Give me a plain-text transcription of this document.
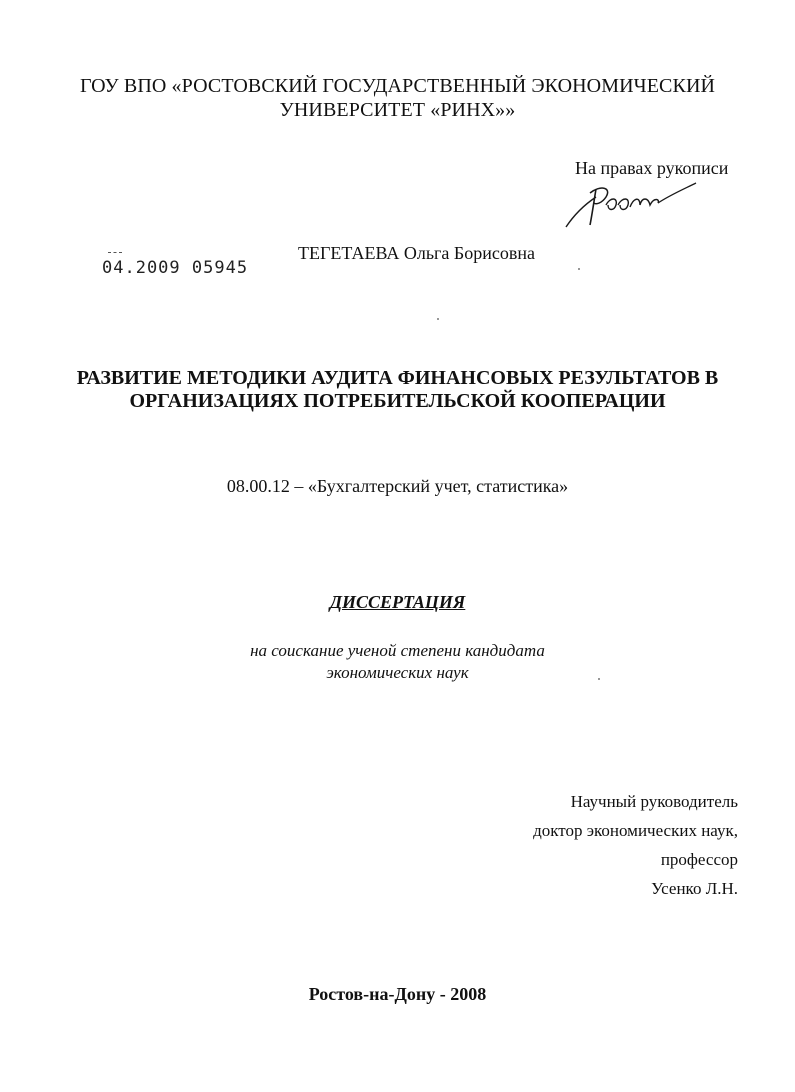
ГОУ ВПО «РОСТОВСКИЙ ГОСУДАРСТВЕННЫЙ ЭКОНОМИЧЕСКИЙ
УНИВЕРСИТЕТ «РИНХ»»
На правах рукописи
04.2009 05945
ТЕГЕТАЕВА Ольга Борисовна
РАЗВИТИЕ МЕТОДИКИ АУДИТА ФИНАНСОВЫХ РЕЗУЛЬТАТОВ В
ОРГАНИЗАЦИЯХ ПОТРЕБИТЕЛЬСКОЙ КООПЕРАЦИИ
08.00.12 – «Бухгалтерский учет, статистика»
ДИССЕРТАЦИЯ
на соискание ученой степени кандидата
экономических наук
Научный руководитель
доктор экономических наук,
профессор
Усенко Л.Н.
Ростов-на-Дону - 2008
